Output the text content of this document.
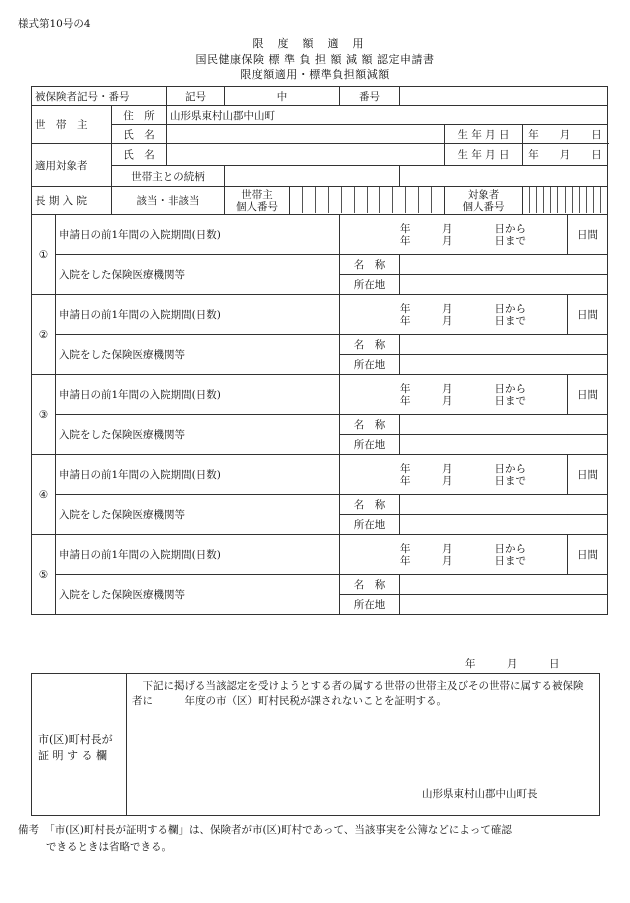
様式第10号の4
限度額適用
国民健康保険 標 準 負 担 額 減 額 認定申請書
限度額適用・標準負担額減額
被保険者記号・番号			記号	中		番号				
世　帯　主		住　所	山形県東村山郡中山町							
		氏　名						生 年 月 日	年　　月　　日	
適用対象者		氏　名						生 年 月 日	年　　月　　日	
		世帯主との続柄								
長 期 入 院		該当・非該当		世帯主
個人番号				対象者
個人番号		

①	申請日の前1年間の入院期間(日数)					年　　　月　　　　日から
年　　　月　　　　日まで				日間
	入院をした保険医療機関等					名　称				
						所在地				
②	申請日の前1年間の入院期間(日数)					年　　　月　　　　日から
年　　　月　　　　日まで				日間
	入院をした保険医療機関等					名　称				
						所在地				
③	申請日の前1年間の入院期間(日数)					年　　　月　　　　日から
年　　　月　　　　日まで				日間
	入院をした保険医療機関等					名　称				
						所在地				
④	申請日の前1年間の入院期間(日数)					年　　　月　　　　日から
年　　　月　　　　日まで				日間
	入院をした保険医療機関等					名　称				
						所在地				
⑤	申請日の前1年間の入院期間(日数)					年　　　月　　　　日から
年　　　月　　　　日まで				日間
	入院をした保険医療機関等					名　称				
						所在地				
年　　　月　　　日
市(区)町村長が
証 明 す る 欄
下記に掲げる当該認定を受けようとする者の属する世帯の世帯主及びその世帯に属する被保険者に　　　年度の市（区）町村民税が課されないことを証明する。
山形県東村山郡中山町長
備考　「市(区)町村長が証明する欄」は、保険者が市(区)町村であって、当該事実を公簿などによって確認
できるときは省略できる。
